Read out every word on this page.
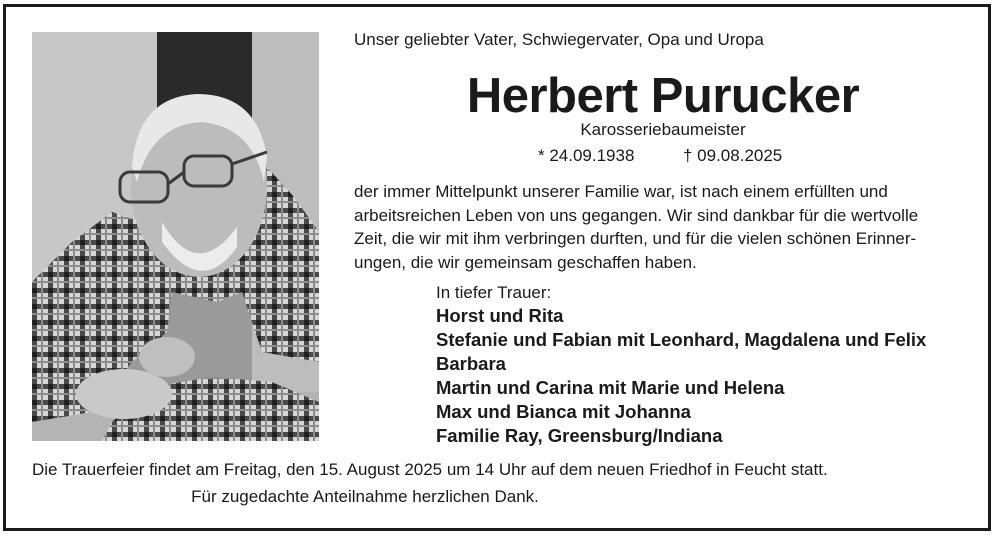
Unser geliebter Vater, Schwiegervater, Opa und Uropa
Herbert Purucker
Karosseriebaumeister
* 24.09.1938	† 09.08.2025
der immer Mittelpunkt unserer Familie war, ist nach einem erfüllten und
arbeitsreichen Leben von uns gegangen. Wir sind dankbar für die wertvolle
Zeit, die wir mit ihm verbringen durften, und für die vielen schönen Erinner-
ungen, die wir gemeinsam geschaffen haben.
In tiefer Trauer:
Horst und Rita
Stefanie und Fabian mit Leonhard, Magdalena und Felix
Barbara
Martin und Carina mit Marie und Helena
Max und Bianca mit Johanna
Familie Ray, Greensburg/Indiana
Die Trauerfeier findet am Freitag, den 15. August 2025 um 14 Uhr auf dem neuen Friedhof in Feucht statt.
Für zugedachte Anteilnahme herzlichen Dank.
